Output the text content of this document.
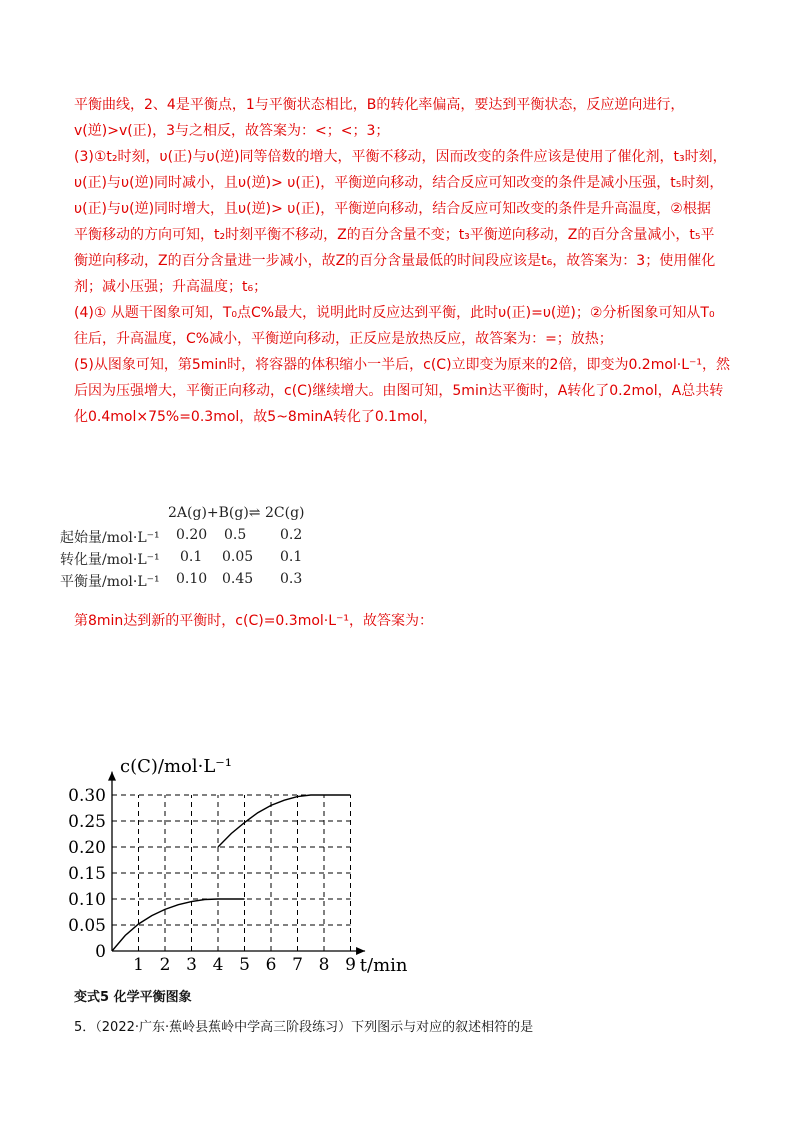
平衡曲线，2、4是平衡点，1与平衡状态相比，B的转化率偏高，要达到平衡状态，反应逆向进行，
v(逆)>v(正)，3与之相反，故答案为：<；<；3；
(3)①t₂时刻，υ(正)与υ(逆)同等倍数的增大，平衡不移动，因而改变的条件应该是使用了催化剂，t₃时刻，
υ(正)与υ(逆)同时减小，且υ(逆)> υ(正)，平衡逆向移动，结合反应可知改变的条件是减小压强，t₅时刻，
υ(正)与υ(逆)同时增大，且υ(逆)> υ(正)，平衡逆向移动，结合反应可知改变的条件是升高温度，②根据
平衡移动的方向可知，t₂时刻平衡不移动，Z的百分含量不变；t₃平衡逆向移动，Z的百分含量减小，t₅平
衡逆向移动，Z的百分含量进一步减小，故Z的百分含量最低的时间段应该是t₆，故答案为：3；使用催化
剂；减小压强；升高温度；t₆；
(4)① 从题干图象可知，T₀点C%最大，说明此时反应达到平衡，此时υ(正)=υ(逆)；②分析图象可知从T₀
往后，升高温度，C%减小，平衡逆向移动，正反应是放热反应，故答案为：=；放热；
(5)从图象可知，第5min时，将容器的体积缩小一半后，c(C)立即变为原来的2倍，即变为0.2mol·L⁻¹，然
后因为压强增大，平衡正向移动，c(C)继续增大。由图可知，5min达平衡时，A转化了0.2mol，A总共转
化0.4mol×75%=0.3mol，故5~8minA转化了0.1mol，
2A(g)+B(g)⇌ 2C(g)
起始量/mol·L⁻¹ 0.20 0.5 0.2
转化量/mol·L⁻¹ 0.1 0.05 0.1
平衡量/mol·L⁻¹ 0.10 0.45 0.3
第8min达到新的平衡时，c(C)=0.3mol·L⁻¹，故答案为：
1 2 3 4 5 6 7 8 9
0.05
0.10
0.15
0.20
0.25
0.30
0
c(C)/mol·L⁻¹
t/min
变式5 化学平衡图象
5．（2022·广东·蕉岭县蕉岭中学高三阶段练习）下列图示与对应的叙述相符的是
